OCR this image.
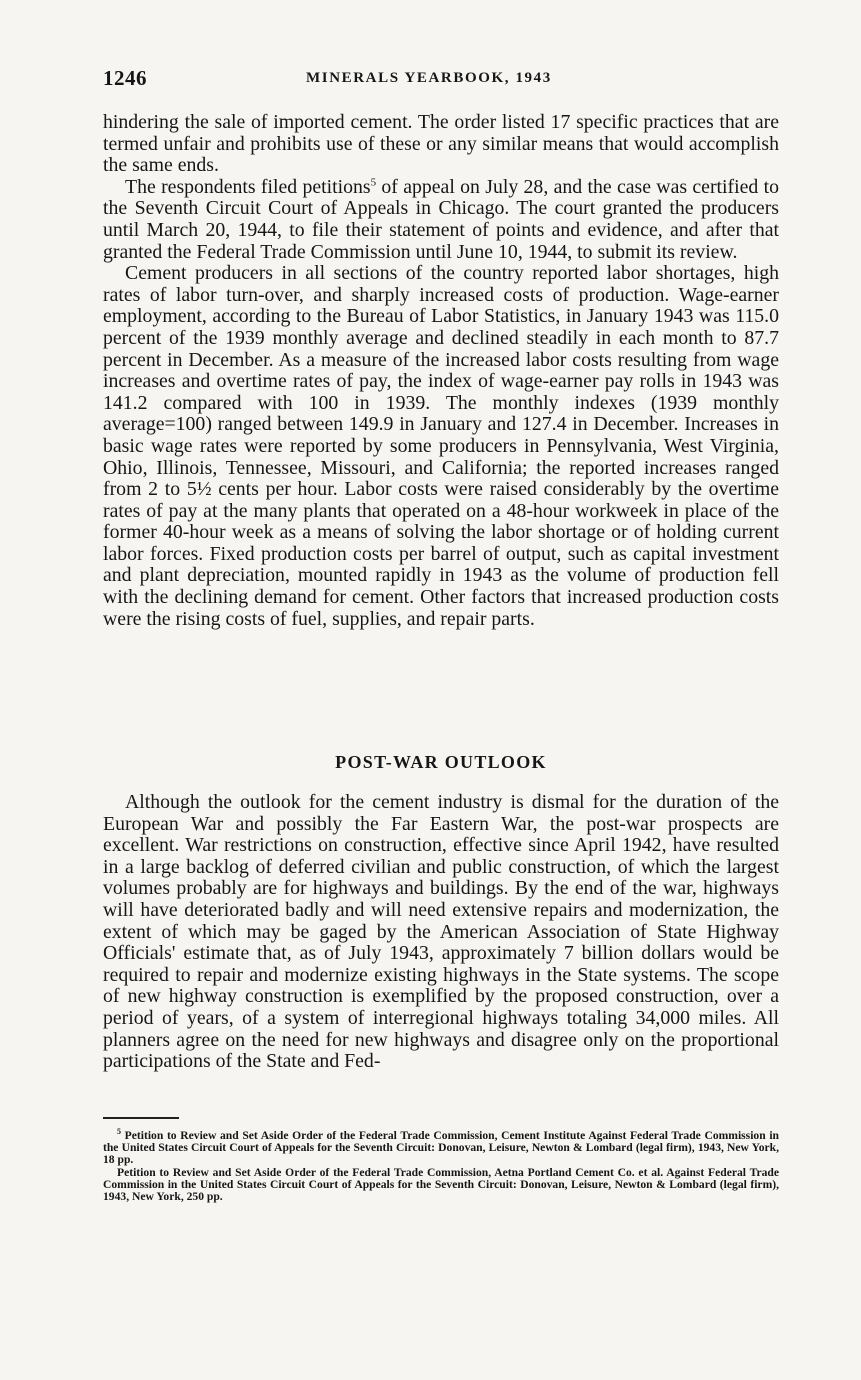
1246	MINERALS YEARBOOK, 1943

hindering the sale of imported cement. The order listed 17 specific practices that are termed unfair and prohibits use of these or any similar means that would accomplish the same ends.

The respondents filed petitions$^5$ of appeal on July 28, and the case was certified to the Seventh Circuit Court of Appeals in Chicago. The court granted the producers until March 20, 1944, to file their statement of points and evidence, and after that granted the Federal Trade Commission until June 10, 1944, to submit its review.

Cement producers in all sections of the country reported labor shortages, high rates of labor turn-over, and sharply increased costs of production. Wage-earner employment, according to the Bureau of Labor Statistics, in January 1943 was 115.0 percent of the 1939 monthly average and declined steadily in each month to 87.7 percent in December. As a measure of the increased labor costs resulting from wage increases and overtime rates of pay, the index of wage-earner pay rolls in 1943 was 141.2 compared with 100 in 1939. The monthly indexes (1939 monthly average=100) ranged between 149.9 in January and 127.4 in December. Increases in basic wage rates were reported by some producers in Pennsylvania, West Virginia, Ohio, Illinois, Tennessee, Missouri, and California; the reported increases ranged from 2 to 5½ cents per hour. Labor costs were raised considerably by the overtime rates of pay at the many plants that operated on a 48-hour workweek in place of the former 40-hour week as a means of solving the labor shortage or of holding current labor forces. Fixed production costs per barrel of output, such as capital investment and plant depreciation, mounted rapidly in 1943 as the volume of production fell with the declining demand for cement. Other factors that increased production costs were the rising costs of fuel, supplies, and repair parts.

POST-WAR OUTLOOK

Although the outlook for the cement industry is dismal for the duration of the European War and possibly the Far Eastern War, the post-war prospects are excellent. War restrictions on construction, effective since April 1942, have resulted in a large backlog of deferred civilian and public construction, of which the largest volumes probably are for highways and buildings. By the end of the war, highways will have deteriorated badly and will need extensive repairs and modernization, the extent of which may be gaged by the American Association of State Highway Officials' estimate that, as of July 1943, approximately 7 billion dollars would be required to repair and modernize existing highways in the State systems. The scope of new highway construction is exemplified by the proposed construction, over a period of years, of a system of interregional highways totaling 34,000 miles. All planners agree on the need for new highways and disagree only on the proportional participations of the State and Fed-

$^5$ Petition to Review and Set Aside Order of the Federal Trade Commission, Cement Institute Against Federal Trade Commission in the United States Circuit Court of Appeals for the Seventh Circuit: Donovan, Leisure, Newton & Lombard (legal firm), 1943, New York, 18 pp.

Petition to Review and Set Aside Order of the Federal Trade Commission, Aetna Portland Cement Co. et al. Against Federal Trade Commission in the United States Circuit Court of Appeals for the Seventh Circuit: Donovan, Leisure, Newton & Lombard (legal firm), 1943, New York, 250 pp.
